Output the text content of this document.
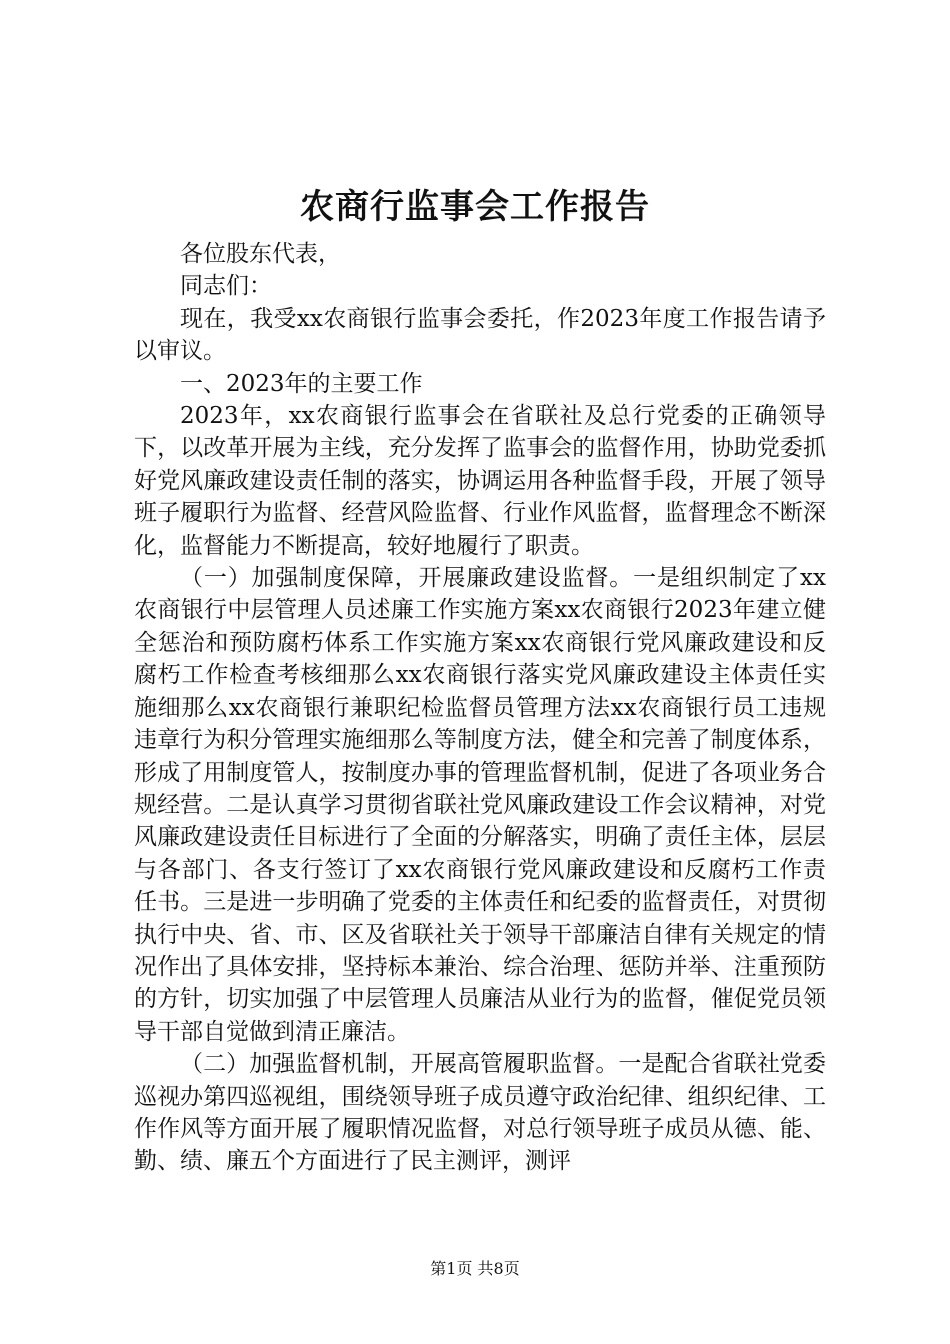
农商行监事会工作报告

各位股东代表，

同志们：

现在，我受xx农商银行监事会委托，作2023年度工作报告请予以审议。

一、2023年的主要工作

2023年，xx农商银行监事会在省联社及总行党委的正确领导下，以改革开展为主线，充分发挥了监事会的监督作用，协助党委抓好党风廉政建设责任制的落实，协调运用各种监督手段，开展了领导班子履职行为监督、经营风险监督、行业作风监督，监督理念不断深化，监督能力不断提高，较好地履行了职责。

（一）加强制度保障，开展廉政建设监督。一是组织制定了xx农商银行中层管理人员述廉工作实施方案xx农商银行2023年建立健全惩治和预防腐朽体系工作实施方案xx农商银行党风廉政建设和反腐朽工作检查考核细那么xx农商银行落实党风廉政建设主体责任实施细那么xx农商银行兼职纪检监督员管理方法xx农商银行员工违规违章行为积分管理实施细那么等制度方法，健全和完善了制度体系，形成了用制度管人，按制度办事的管理监督机制，促进了各项业务合规经营。二是认真学习贯彻省联社党风廉政建设工作会议精神，对党风廉政建设责任目标进行了全面的分解落实，明确了责任主体，层层与各部门、各支行签订了xx农商银行党风廉政建设和反腐朽工作责任书。三是进一步明确了党委的主体责任和纪委的监督责任，对贯彻执行中央、省、市、区及省联社关于领导干部廉洁自律有关规定的情况作出了具体安排，坚持标本兼治、综合治理、惩防并举、注重预防的方针，切实加强了中层管理人员廉洁从业行为的监督，催促党员领导干部自觉做到清正廉洁。

（二）加强监督机制，开展高管履职监督。一是配合省联社党委巡视办第四巡视组，围绕领导班子成员遵守政治纪律、组织纪律、工作作风等方面开展了履职情况监督，对总行领导班子成员从德、能、勤、绩、廉五个方面进行了民主测评，测评

第1页 共8页
